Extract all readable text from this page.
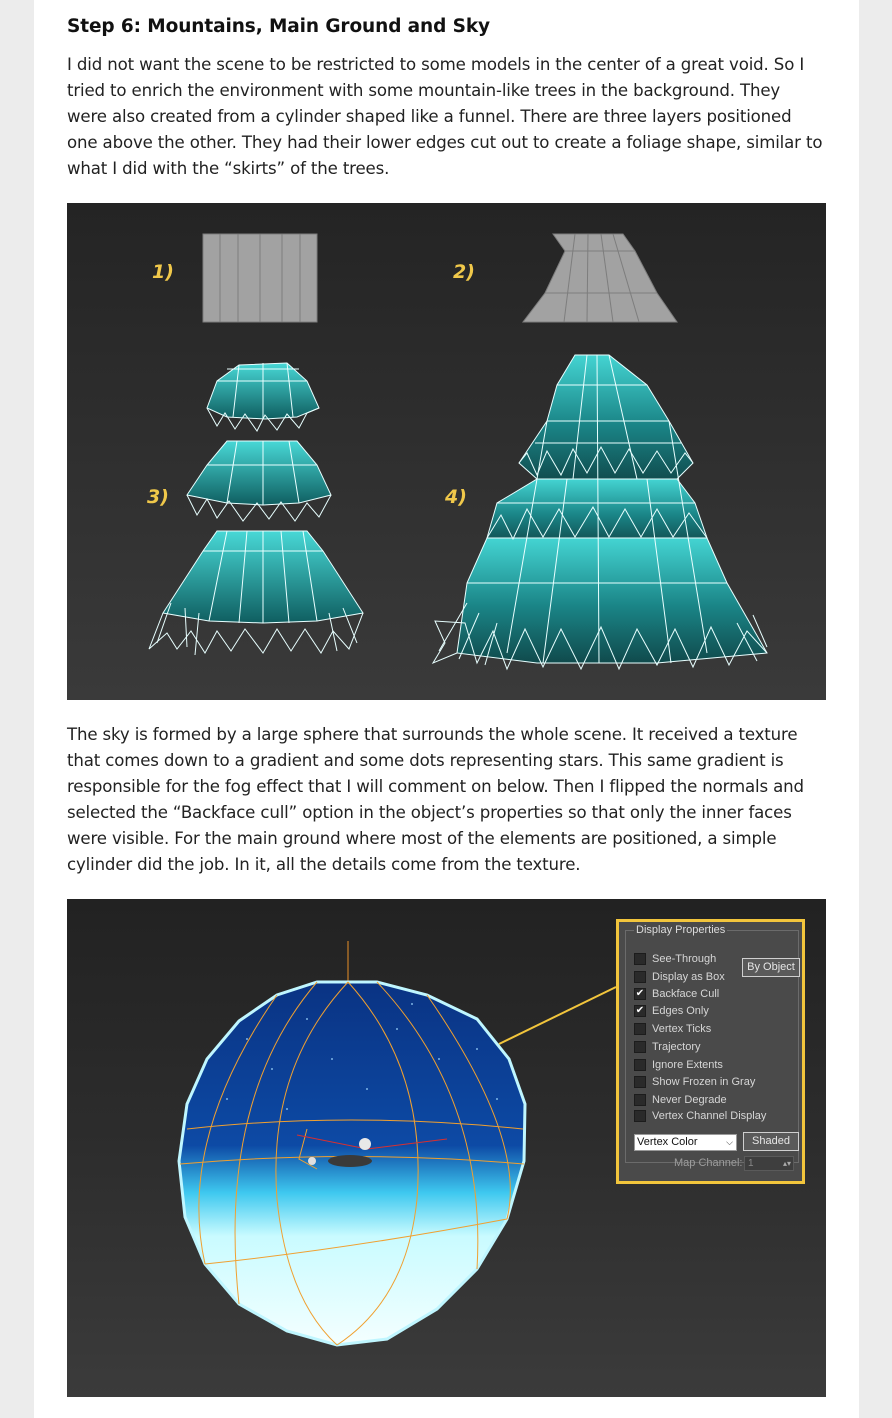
Step 6: Mountains, Main Ground and Sky

I did not want the scene to be restricted to some models in the center of a great void. So I tried to enrich the environment with some mountain-like trees in the background. They were also created from a cylinder shaped like a funnel. There are three layers positioned one above the other. They had their lower edges cut out to create a foliage shape, similar to what I did with the “skirts” of the trees.

1)	2)
3)	4)

The sky is formed by a large sphere that surrounds the whole scene. It received a texture that comes down to a gradient and some dots representing stars. This same gradient is responsible for the fog effect that I will comment on below. Then I flipped the normals and selected the “Backface cull” option in the object’s properties so that only the inner faces were visible. For the main ground where most of the elements are positioned, a simple cylinder did the job. In it, all the details come from the texture.

Display Properties
See-Through
Display as Box
✔ Backface Cull
✔ Edges Only
Vertex Ticks
Trajectory
Ignore Extents
Show Frozen in Gray
Never Degrade
Vertex Channel Display
By Object
Vertex Color	⌵	Shaded
Map Channel: 1	▴▾
